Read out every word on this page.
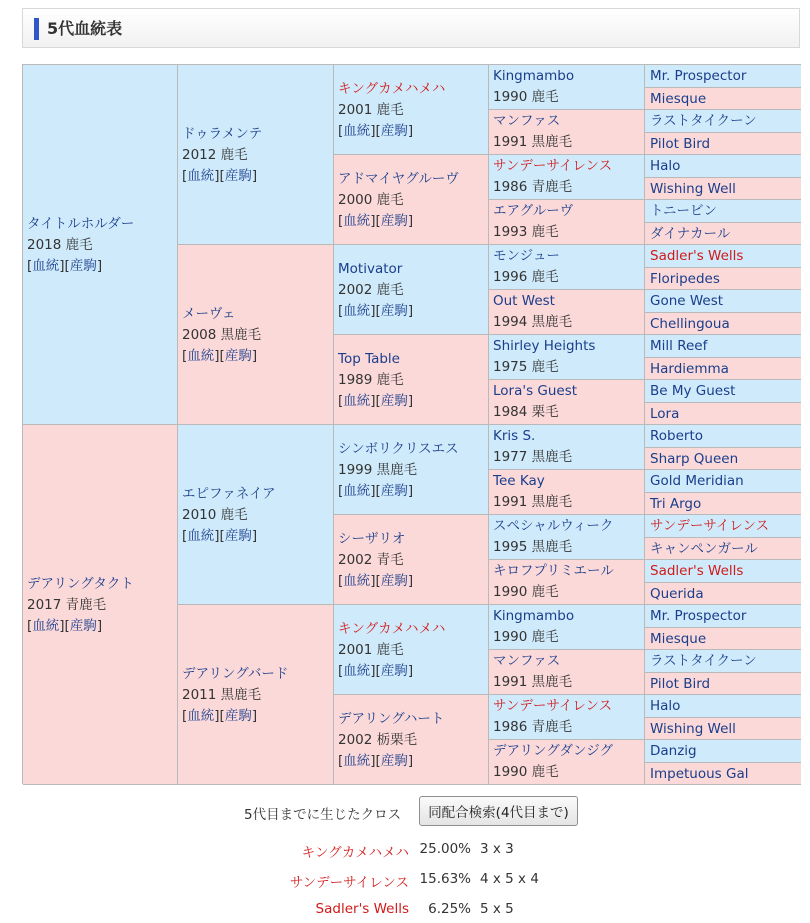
5代血統表
タイトルホルダー
2018 鹿毛
[血統][産駒]
デアリングタクト
2017 青鹿毛
[血統][産駒]
ドゥラメンテ
2012 鹿毛
[血統][産駒]
メーヴェ
2008 黒鹿毛
[血統][産駒]
エピファネイア
2010 鹿毛
[血統][産駒]
デアリングバード
2011 黒鹿毛
[血統][産駒]
キングカメハメハ
2001 鹿毛
[血統][産駒]
アドマイヤグルーヴ
2000 鹿毛
[血統][産駒]
Motivator
2002 鹿毛
[血統][産駒]
Top Table
1989 鹿毛
[血統][産駒]
シンボリクリスエス
1999 黒鹿毛
[血統][産駒]
シーザリオ
2002 青毛
[血統][産駒]
キングカメハメハ
2001 鹿毛
[血統][産駒]
デアリングハート
2002 栃栗毛
[血統][産駒]
Kingmambo
1990 鹿毛
マンファス
1991 黒鹿毛
サンデーサイレンス
1986 青鹿毛
エアグルーヴ
1993 鹿毛
モンジュー
1996 鹿毛
Out West
1994 黒鹿毛
Shirley Heights
1975 鹿毛
Lora's Guest
1984 栗毛
Kris S.
1977 黒鹿毛
Tee Kay
1991 黒鹿毛
スペシャルウィーク
1995 黒鹿毛
キロフプリミエール
1990 鹿毛
Kingmambo
1990 鹿毛
マンファス
1991 黒鹿毛
サンデーサイレンス
1986 青鹿毛
デアリングダンジグ
1990 鹿毛
Mr. Prospector
Miesque
ラストタイクーン
Pilot Bird
Halo
Wishing Well
トニービン
ダイナカール
Sadler's Wells
Floripedes
Gone West
Chellingoua
Mill Reef
Hardiemma
Be My Guest
Lora
Roberto
Sharp Queen
Gold Meridian
Tri Argo
サンデーサイレンス
キャンペンガール
Sadler's Wells
Querida
Mr. Prospector
Miesque
ラストタイクーン
Pilot Bird
Halo
Wishing Well
Danzig
Impetuous Gal
5代目までに生じたクロス	同配合検索(4代目まで)
キングカメハメハ 25.00% 3 x 3
サンデーサイレンス 15.63% 4 x 5 x 4
Sadler's Wells 6.25% 5 x 5
